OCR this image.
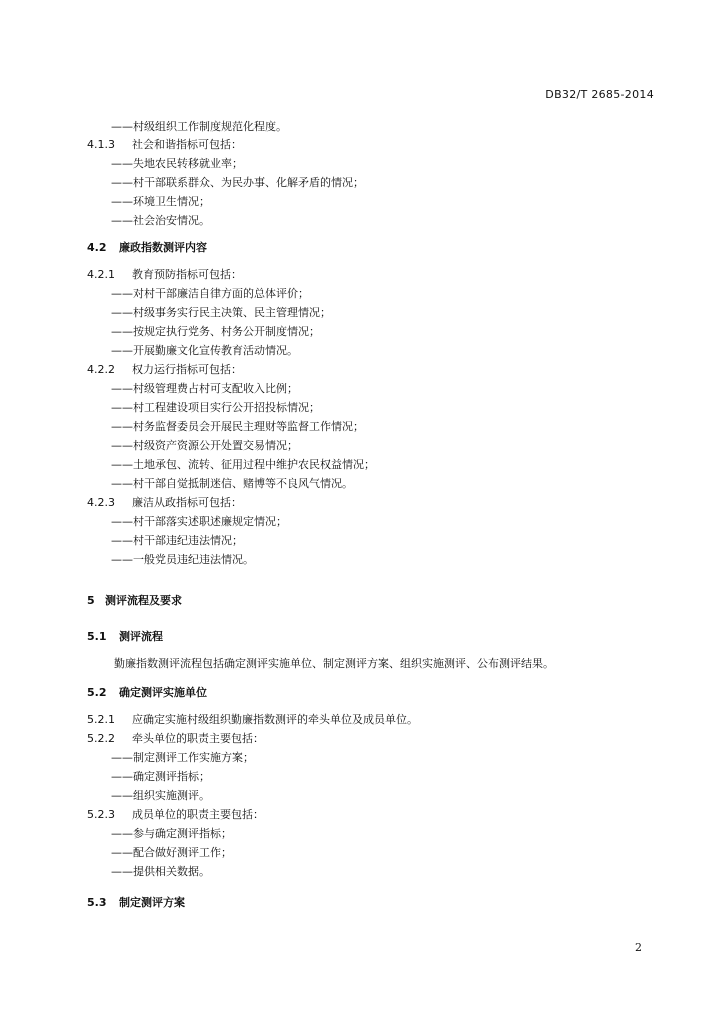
DB32/T 2685-2014
——村级组织工作制度规范化程度。
4.1.3 社会和谐指标可包括：
——失地农民转移就业率；
——村干部联系群众、为民办事、化解矛盾的情况；
——环境卫生情况；
——社会治安情况。
4.2 廉政指数测评内容
4.2.1 教育预防指标可包括：
——对村干部廉洁自律方面的总体评价；
——村级事务实行民主决策、民主管理情况；
——按规定执行党务、村务公开制度情况；
——开展勤廉文化宣传教育活动情况。
4.2.2 权力运行指标可包括：
——村级管理费占村可支配收入比例；
——村工程建设项目实行公开招投标情况；
——村务监督委员会开展民主理财等监督工作情况；
——村级资产资源公开处置交易情况；
——土地承包、流转、征用过程中维护农民权益情况；
——村干部自觉抵制迷信、赌博等不良风气情况。
4.2.3 廉洁从政指标可包括：
——村干部落实述职述廉规定情况；
——村干部违纪违法情况；
——一般党员违纪违法情况。
5 测评流程及要求
5.1 测评流程
勤廉指数测评流程包括确定测评实施单位、制定测评方案、组织实施测评、公布测评结果。
5.2 确定测评实施单位
5.2.1 应确定实施村级组织勤廉指数测评的牵头单位及成员单位。
5.2.2 牵头单位的职责主要包括：
——制定测评工作实施方案；
——确定测评指标；
——组织实施测评。
5.2.3 成员单位的职责主要包括：
——参与确定测评指标；
——配合做好测评工作；
——提供相关数据。
5.3 制定测评方案
2
